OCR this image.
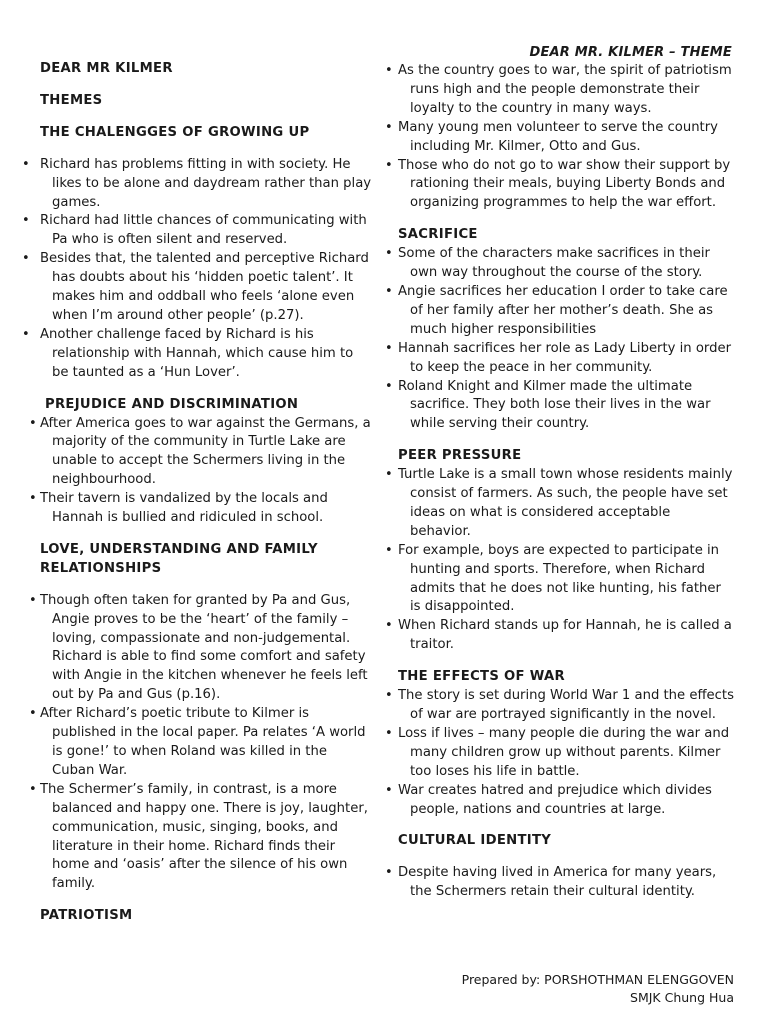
DEAR MR. KILMER – THEME

DEAR MR KILMER

THEMES

THE CHALENGGES OF GROWING UP

• Richard has problems fitting in with society. He likes to be alone and daydream rather than play games.
• Richard had little chances of communicating with Pa who is often silent and reserved.
• Besides that, the talented and perceptive Richard has doubts about his ‘hidden poetic talent’. It makes him and oddball who feels ‘alone even when I’m around other people’ (p.27).
• Another challenge faced by Richard is his relationship with Hannah, which cause him to be taunted as a ‘Hun Lover’.

PREJUDICE AND DISCRIMINATION

• After America goes to war against the Germans, a majority of the community in Turtle Lake are unable to accept the Schermers living in the neighbourhood.
• Their tavern is vandalized by the locals and Hannah is bullied and ridiculed in school.

LOVE, UNDERSTANDING AND FAMILY RELATIONSHIPS

• Though often taken for granted by Pa and Gus, Angie proves to be the ‘heart’ of the family – loving, compassionate and non-judgemental. Richard is able to find some comfort and safety with Angie in the kitchen whenever he feels left out by Pa and Gus (p.16).
• After Richard’s poetic tribute to Kilmer is published in the local paper. Pa relates ‘A world is gone!’ to when Roland was killed in the Cuban War.
• The Schermer’s family, in contrast, is a more balanced and happy one. There is joy, laughter, communication, music, singing, books, and literature in their home. Richard finds their home and ‘oasis’ after the silence of his own family.

PATRIOTISM

• As the country goes to war, the spirit of patriotism runs high and the people demonstrate their loyalty to the country in many ways.
• Many young men volunteer to serve the country including Mr. Kilmer, Otto and Gus.
• Those who do not go to war show their support by rationing their meals, buying Liberty Bonds and organizing programmes to help the war effort.

SACRIFICE

• Some of the characters make sacrifices in their own way throughout the course of the story.
• Angie sacrifices her education I order to take care of her family after her mother’s death. She as much higher responsibilities
• Hannah sacrifices her role as Lady Liberty in order to keep the peace in her community.
• Roland Knight and Kilmer made the ultimate sacrifice. They both lose their lives in the war while serving their country.

PEER PRESSURE

• Turtle Lake is a small town whose residents mainly consist of farmers. As such, the people have set ideas on what is considered acceptable behavior.
• For example, boys are expected to participate in hunting and sports. Therefore, when Richard admits that he does not like hunting, his father is disappointed.
• When Richard stands up for Hannah, he is called a traitor.

THE EFFECTS OF WAR

• The story is set during World War 1 and the effects of war are portrayed significantly in the novel.
• Loss if lives – many people die during the war and many children grow up without parents. Kilmer too loses his life in battle.
• War creates hatred and prejudice which divides people, nations and countries at large.

CULTURAL IDENTITY

• Despite having lived in America for many years, the Schermers retain their cultural identity.
Prepared by: PORSHOTHMAN ELENGGOVEN
SMJK Chung Hua
